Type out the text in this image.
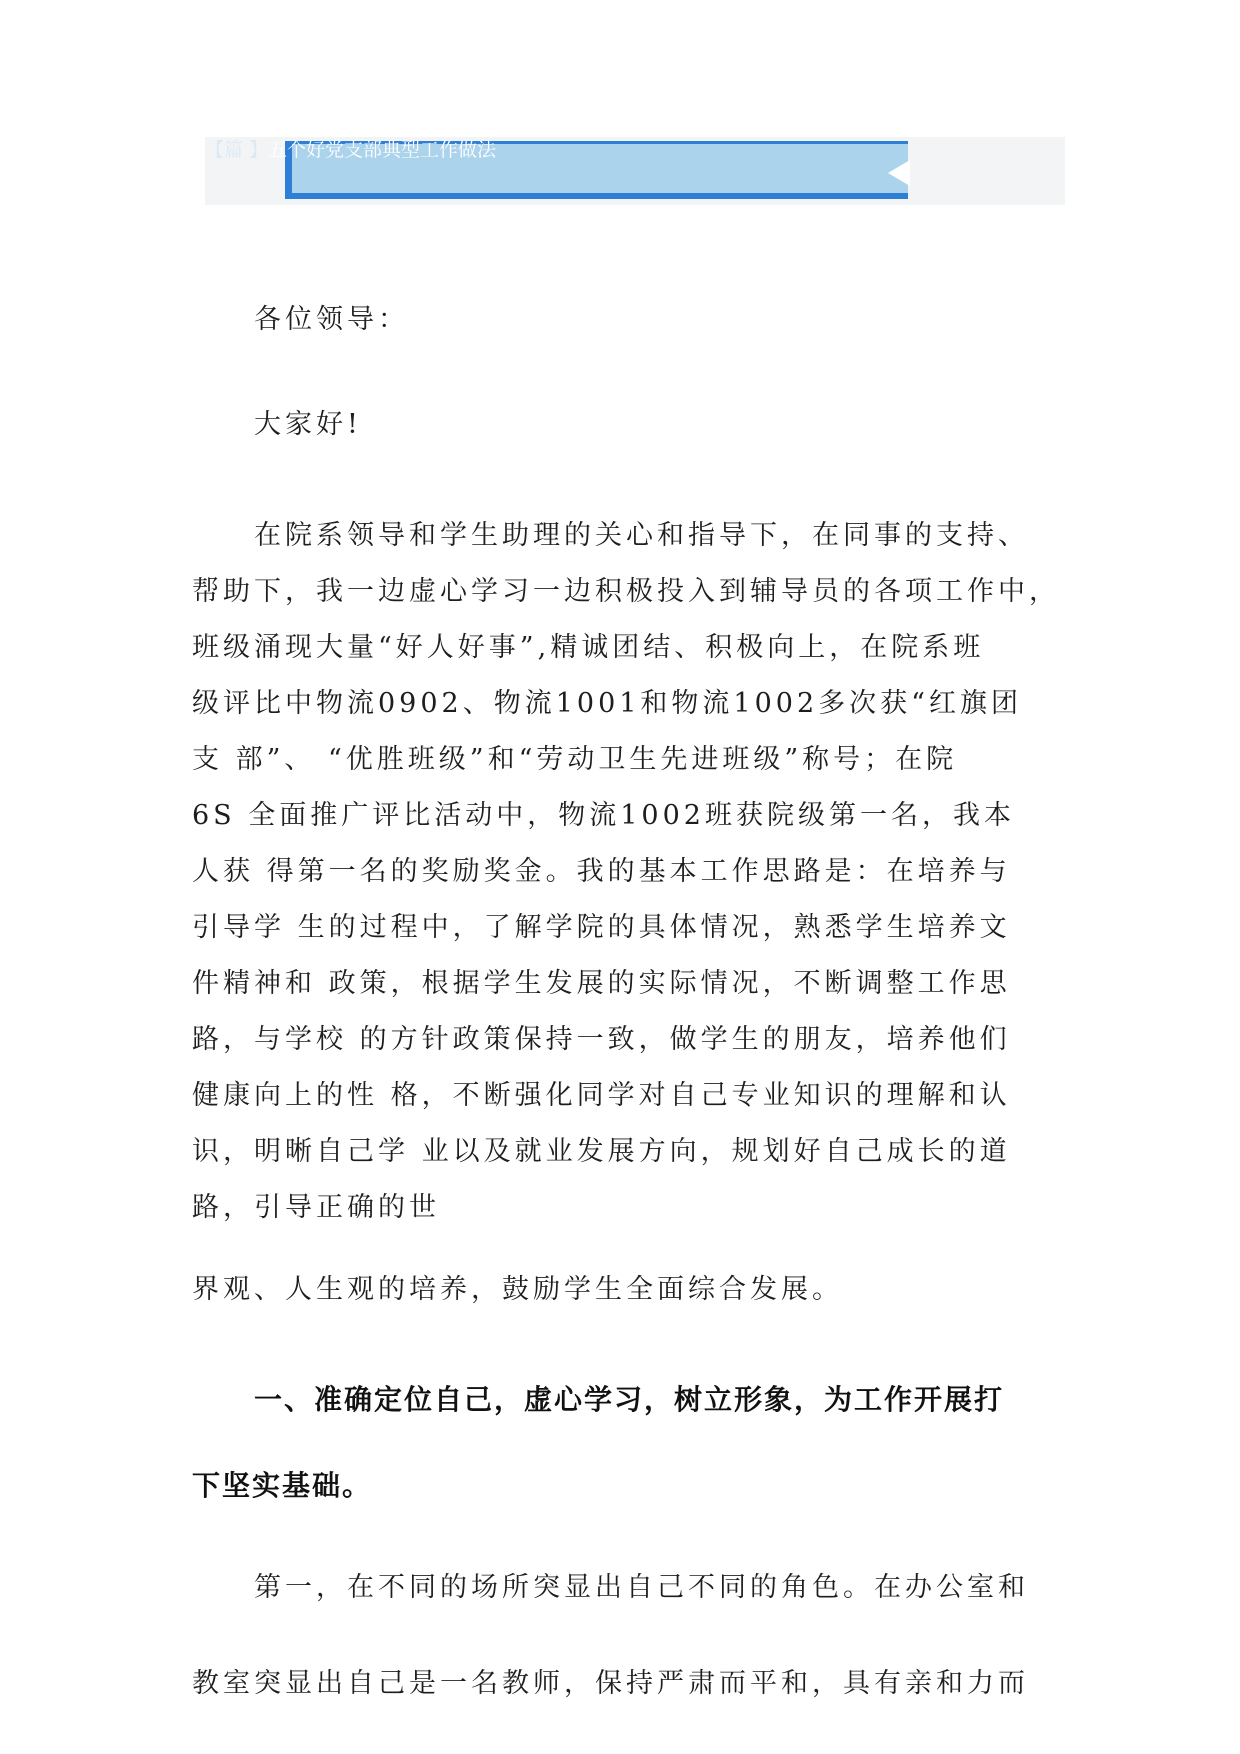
【篇 】五个好党支部典型工作做法
各位领导：
大家好!
在院系领导和学生助理的关心和指导下，在同事的支持、
帮助下，我一边虚心学习一边积极投入到辅导员的各项工作中，
班级涌现大量“好人好事”,精诚团结、积极向上，在院系班
级评比中物流0902、物流1001和物流1002多次获“红旗团
支 部”、 “优胜班级”和“劳动卫生先进班级”称号；在院
6S 全面推广评比活动中，物流1002班获院级第一名，我本
人获 得第一名的奖励奖金。我的基本工作思路是：在培养与
引导学 生的过程中，了解学院的具体情况，熟悉学生培养文
件精神和 政策，根据学生发展的实际情况，不断调整工作思
路，与学校 的方针政策保持一致，做学生的朋友，培养他们
健康向上的性 格，不断强化同学对自己专业知识的理解和认
识，明晰自己学 业以及就业发展方向，规划好自己成长的道
路，引导正确的世
界观、人生观的培养，鼓励学生全面综合发展。
一、准确定位自己，虚心学习，树立形象，为工作开展打
下坚实基础。
第一，在不同的场所突显出自己不同的角色。在办公室和
教室突显出自己是一名教师，保持严肃而平和，具有亲和力而
